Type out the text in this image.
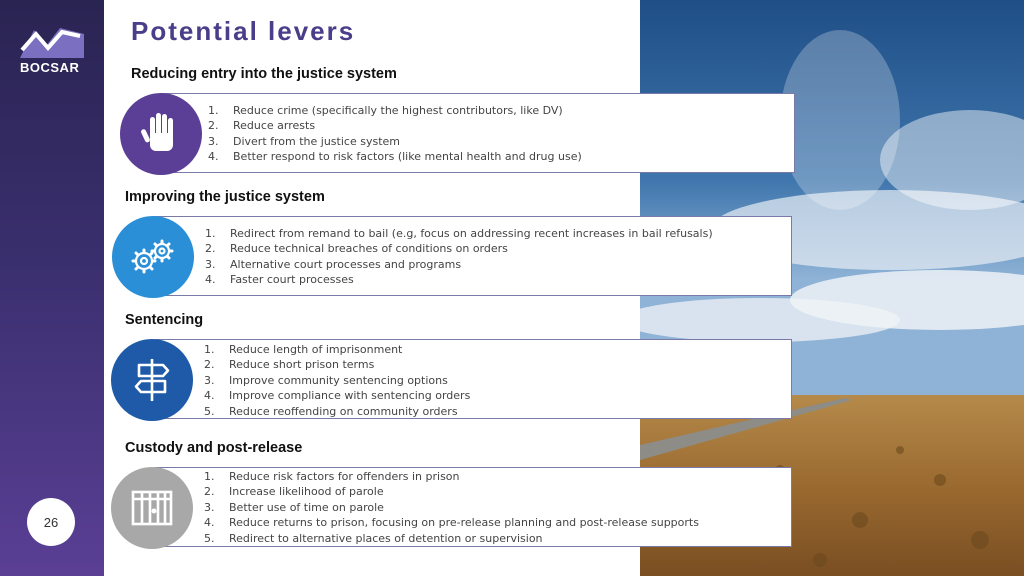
BOCSAR
26
Potential levers
Reducing entry into the justice system
1.	Reduce crime (specifically the highest contributors, like DV)
2.	Reduce arrests
3.	Divert from the justice system
4.	Better respond to risk factors (like mental health and drug use)
Improving the justice system
1.	Redirect from remand to bail (e.g, focus on addressing recent increases in bail refusals)
2.	Reduce technical breaches of conditions on orders
3.	Alternative court processes and programs
4.	Faster court processes
Sentencing
1.	Reduce length of imprisonment
2.	Reduce short prison terms
3.	Improve community sentencing options
4.	Improve compliance with sentencing orders
5.	Reduce reoffending on community orders
Custody and post-release
1.	Reduce risk factors for offenders in prison
2.	Increase likelihood of parole
3.	Better use of time on parole
4.	Reduce returns to prison, focusing on pre-release planning and post-release supports
5.	Redirect to alternative places of detention or supervision
